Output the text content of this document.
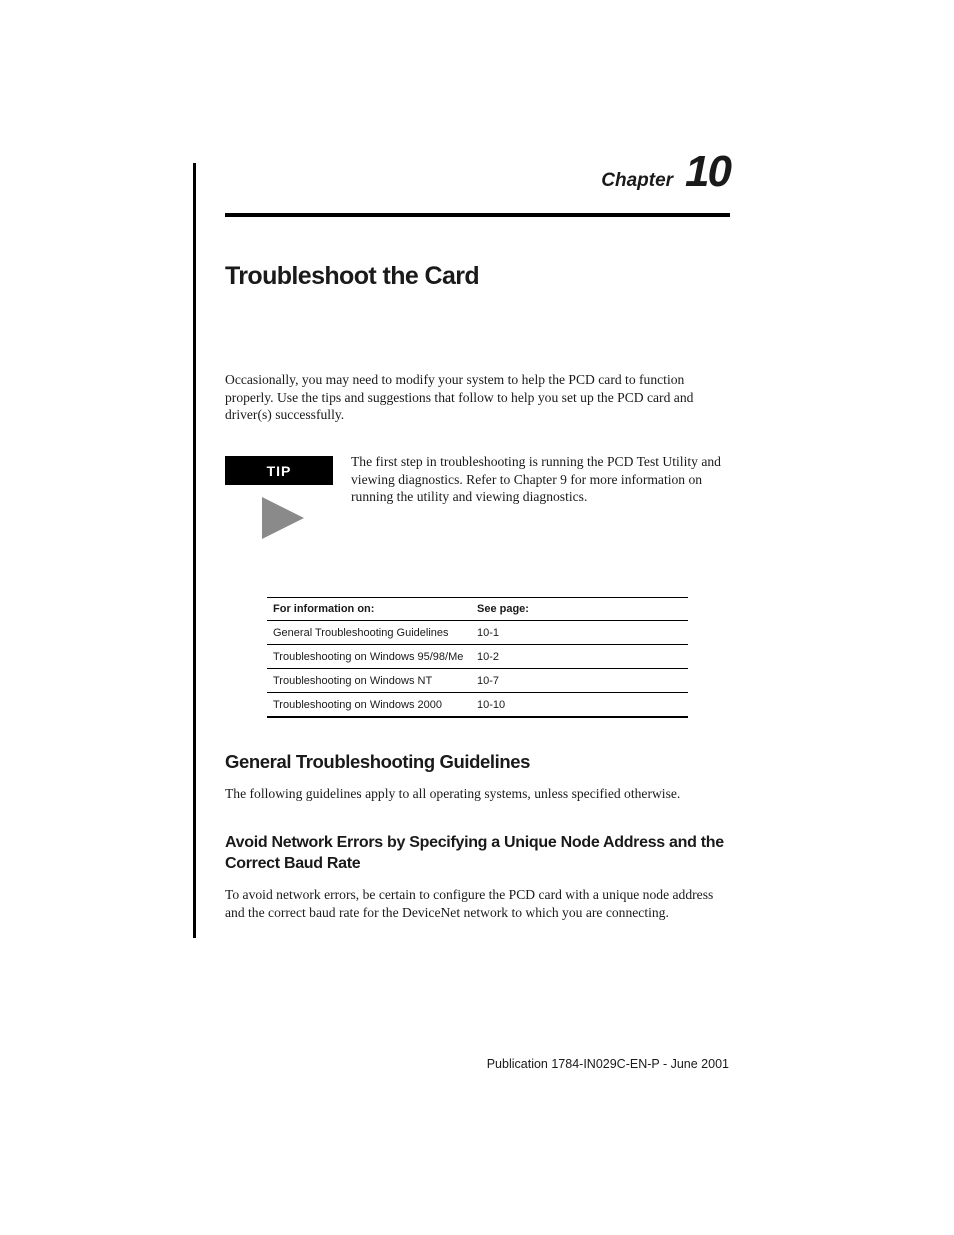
Chapter 10
Troubleshoot the Card

Occasionally, you may need to modify your system to help the PCD card to function properly. Use the tips and suggestions that follow to help you set up the PCD card and driver(s) successfully.

TIP

The first step in troubleshooting is running the PCD Test Utility and viewing diagnostics. Refer to Chapter 9 for more information on running the utility and viewing diagnostics.

For information on:	See page:
General Troubleshooting Guidelines	10-1
Troubleshooting on Windows 95/98/Me	10-2
Troubleshooting on Windows NT	10-7
Troubleshooting on Windows 2000	10-10
General Troubleshooting Guidelines

The following guidelines apply to all operating systems, unless specified otherwise.

Avoid Network Errors by Specifying a Unique Node Address and the Correct Baud Rate

To avoid network errors, be certain to configure the PCD card with a unique node address and the correct baud rate for the DeviceNet network to which you are connecting.

Publication 1784-IN029C-EN-P - June 2001
